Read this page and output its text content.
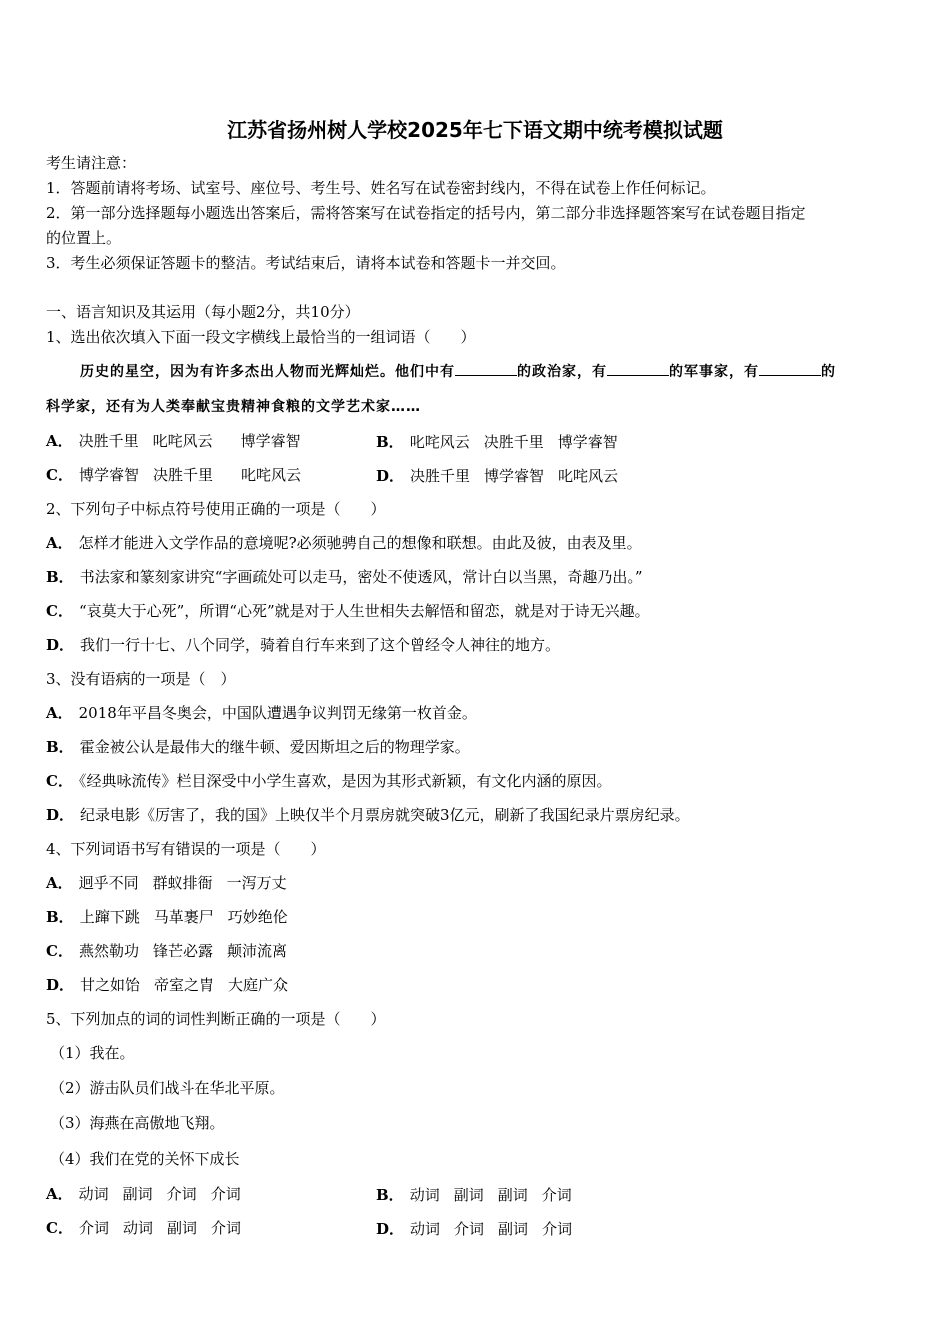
江苏省扬州树人学校2025年七下语文期中统考模拟试题
考生请注意：
1．答题前请将考场、试室号、座位号、考生号、姓名写在试卷密封线内，不得在试卷上作任何标记。
2．第一部分选择题每小题选出答案后，需将答案写在试卷指定的括号内，第二部分非选择题答案写在试卷题目指定
的位置上。
3．考生必须保证答题卡的整洁。考试结束后，请将本试卷和答题卡一并交回。
一、语言知识及其运用（每小题2分，共10分）
1、选出依次填入下面一段文字横线上最恰当的一组词语（　　）
历史的星空，因为有许多杰出人物而光辉灿烂。他们中有	的政治家，有	的军事家，有	的
科学家，还有为人类奉献宝贵精神食粮的文学艺术家……
A． 决胜千里 叱咤风云 博学睿智	B． 叱咤风云 决胜千里 博学睿智
C． 博学睿智 决胜千里 叱咤风云	D． 决胜千里 博学睿智 叱咤风云
2、下列句子中标点符号使用正确的一项是（　　）
A． 怎样才能进入文学作品的意境呢?必须驰骋自己的想像和联想。由此及彼，由表及里。
B． 书法家和篆刻家讲究“字画疏处可以走马，密处不使透风，常计白以当黑，奇趣乃出。”
C． “哀莫大于心死”，所谓“心死”就是对于人生世相失去解悟和留恋，就是对于诗无兴趣。
D． 我们一行十七、八个同学，骑着自行车来到了这个曾经令人神往的地方。
3、没有语病的一项是（　）
A． 2018年平昌冬奥会，中国队遭遇争议判罚无缘第一枚首金。
B． 霍金被公认是最伟大的继牛顿、爱因斯坦之后的物理学家。
C． 《经典咏流传》栏目深受中小学生喜欢，是因为其形式新颖，有文化内涵的原因。
D． 纪录电影《厉害了，我的国》上映仅半个月票房就突破3亿元，刷新了我国纪录片票房纪录。
4、下列词语书写有错误的一项是（　　）
A． 迥乎不同 群蚁排衙 一泻万丈
B． 上蹿下跳 马革裹尸 巧妙绝伦
C． 燕然勒功 锋芒必露 颠沛流离
D． 甘之如饴 帝室之胄 大庭广众
5、下列加点的词的词性判断正确的一项是（　　）
（1）我在。
（2）游击队员们战斗在华北平原。
（3）海燕在高傲地飞翔。
（4）我们在党的关怀下成长
A． 动词 副词 介词 介词	B． 动词 副词 副词 介词
C． 介词 动词 副词 介词	D． 动词 介词 副词 介词
